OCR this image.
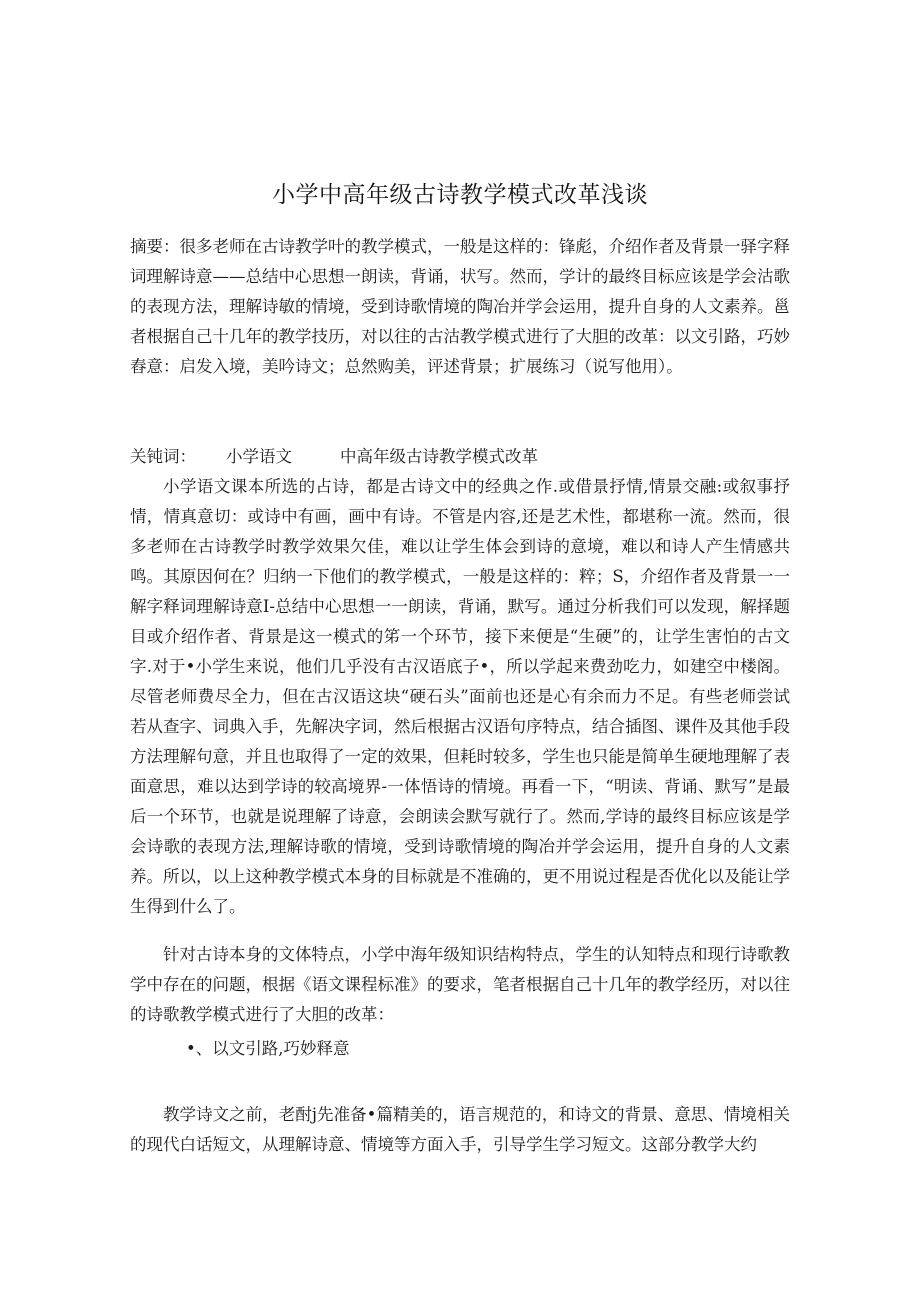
小学中高年级古诗教学模式改革浅谈

摘要：很多老师在古诗教学叶的教学模式，一般是这样的：锋彪，介绍作者及背景一驿字释词理解诗意——总结中心思想一朗读，背诵，状写。然而，学计的最终目标应该是学会沽歌的表现方法，理解诗敏的情境，受到诗歌情境的陶冶并学会运用，提升自身的人文素养。邕者根据自己十几年的教学技历，对以往的古沽教学模式进行了大胆的改革：以文引路，巧妙舂意：启发入境，美吟诗文；总然购美，评述背景；扩展练习（说写他用）。

关钝词： 小学语文	中高年级古诗教学模式改革

小学语文课本所选的占诗，都是古诗文中的经典之作.或借景抒情,情景交融:或叙事抒情，情真意切：或诗中有画，画中有诗。不管是内容,还是艺术性，都堪称一流。然而，很多老师在古诗教学时教学效果欠佳，难以让学生体会到诗的意境，难以和诗人产生情感共鸣。其原因何在？归纳一下他们的教学模式，一般是这样的：粹；S，介绍作者及背景一一解字释词理解诗意I-总结中心思想一一朗读，背诵，默写。通过分析我们可以发现，解择题目或介绍作者、背景是这一模式的笫一个环节，接下来便是“生硬”的，让学生害怕的古文字.对于•小学生来说，他们几乎没有古汉语底子•，所以学起来费劲吃力，如建空中楼阁。尽管老师费尽全力，但在古汉语这块“硬石头”面前也还是心有余而力不足。有些老师尝试若从查字、词典入手，先解决字词，然后根据古汉语句序特点，结合插图、课件及其他手段方法理解句意，并且也取得了一定的效果，但耗时较多，学生也只能是简单生硬地理解了表面意思，难以达到学诗的较高境界-一体悟诗的情境。再看一下，“明读、背诵、默写”是最后一个环节，也就是说理解了诗意，会朗读会默写就行了。然而,学诗的最终目标应该是学会诗歌的表现方法,理解诗歌的情境，受到诗歌情境的陶冶并学会运用，提升自身的人文素养。所以，以上这种教学模式本身的目标就是不准确的，更不用说过程是否优化以及能让学生得到什么了。

针对古诗本身的文体特点，小学中海年级知识结构特点，学生的认知特点和现行诗歌教学中存在的问题，根据《语文课程标准》的要求，笔者根据自己十几年的教学经历，对以往的诗歌教学模式进行了大胆的改革：

•、以文引路,巧妙释意

教学诗文之前，老酎j先准备•篇精美的，语言规范的，和诗文的背景、意思、情境相关的现代白话短文，从理解诗意、情境等方面入手，引导学生学习短文。这部分教学大约
